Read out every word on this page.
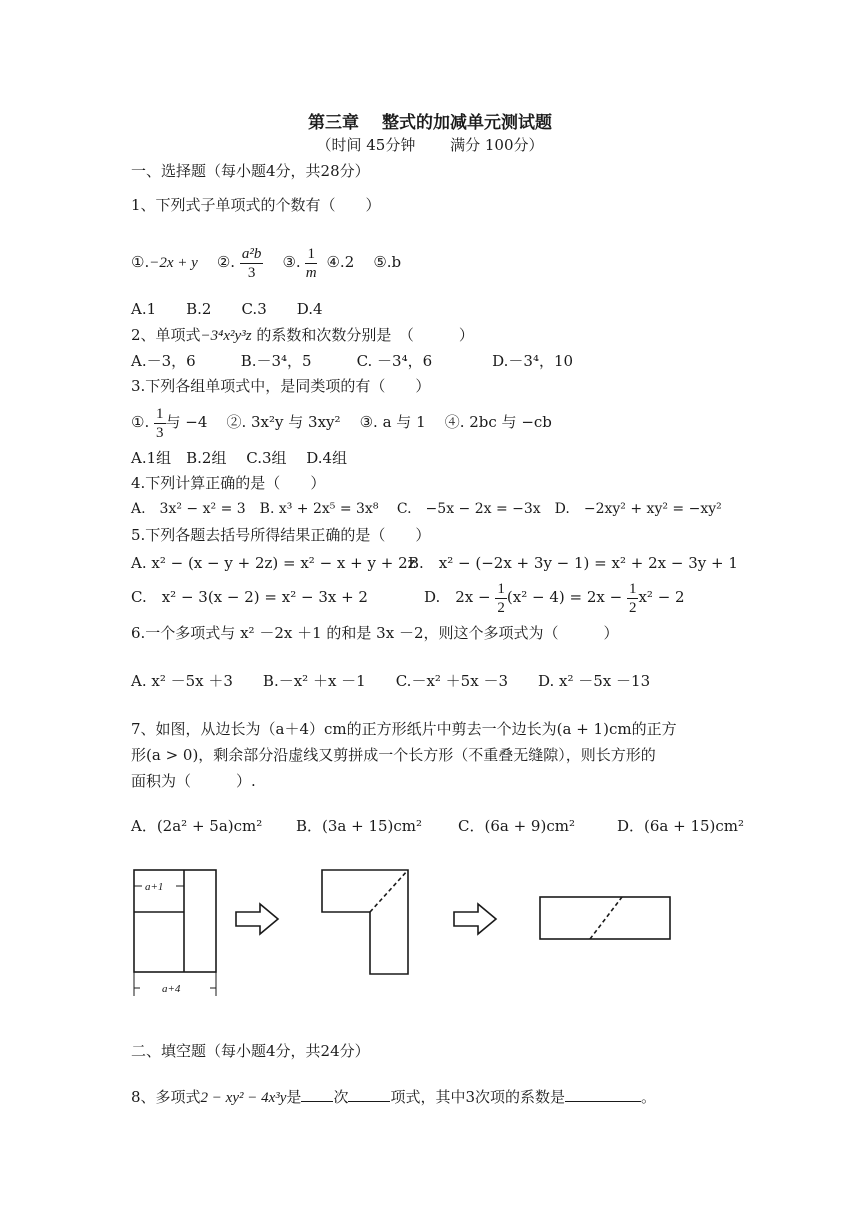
第三章　 整式的加减单元测试题
（时间 45分钟　　 满分 100分）
一、选择题（每小题4分，共28分）
1、下列式子单项式的个数有（　　）
①.−2x + y ②. $\frac{\text{a²b}}{3}$ ③. $\frac{1}{m}$ ④.2 ⑤.b
A.1　　B.2　　C.3　　D.4
2、单项式−3⁴x²y³z 的系数和次数分别是　（　　　）
A.－3，6　　　B.－3⁴，5　　　C. －3⁴，6　　　　D.－3⁴，10
3.下列各组单项式中，是同类项的有（　　）
①. $\frac{1}{3}$ 与 −4 ②. 3x²y 与 3xy² ③. a 与 1 ④. 2bc 与 −cb
A.1组　B.2组　 C.3组　 D.4组
4.下列计算正确的是（　　）
A.　3x² − x² = 3　B. x³ + 2x⁵ = 3x⁸　 C.　−5x − 2x = −3x　D.　−2xy² + xy² = −xy²
5.下列各题去括号所得结果正确的是（　　）
A. x² − (x − y + 2z) = x² − x + y + 2z
B.　x² − (−2x + 3y − 1) = x² + 2x − 3y + 1
C.　x² − 3(x − 2) = x² − 3x + 2	D.　$2x - \frac{1}{2} (x^2 - 4) = 2x - \frac{1}{2} x^2 - 2$
6.一个多项式与 x² －2x ＋1 的和是 3x －2，则这个多项式为（　　　）
A. x² －5x ＋3　　B.－x² ＋x －1　　C.－x² ＋5x －3　　D. x² －5x －13
7、如图，从边长为（a＋4）cm的正方形纸片中剪去一个边长为(a + 1)cm的正方
形(a > 0)，剩余部分沿虚线又剪拼成一个长方形（不重叠无缝隙），则长方形的
面积为（　　　）.
A．(2a² + 5a)cm² B．(3a + 15)cm² C．(6a + 9)cm²	D．(6a + 15)cm²
a+1
a+4
二、填空题（每小题4分，共24分）
8、多项式2 − xy² − 4x³y是 次	项式，其中3次项的系数是	。
